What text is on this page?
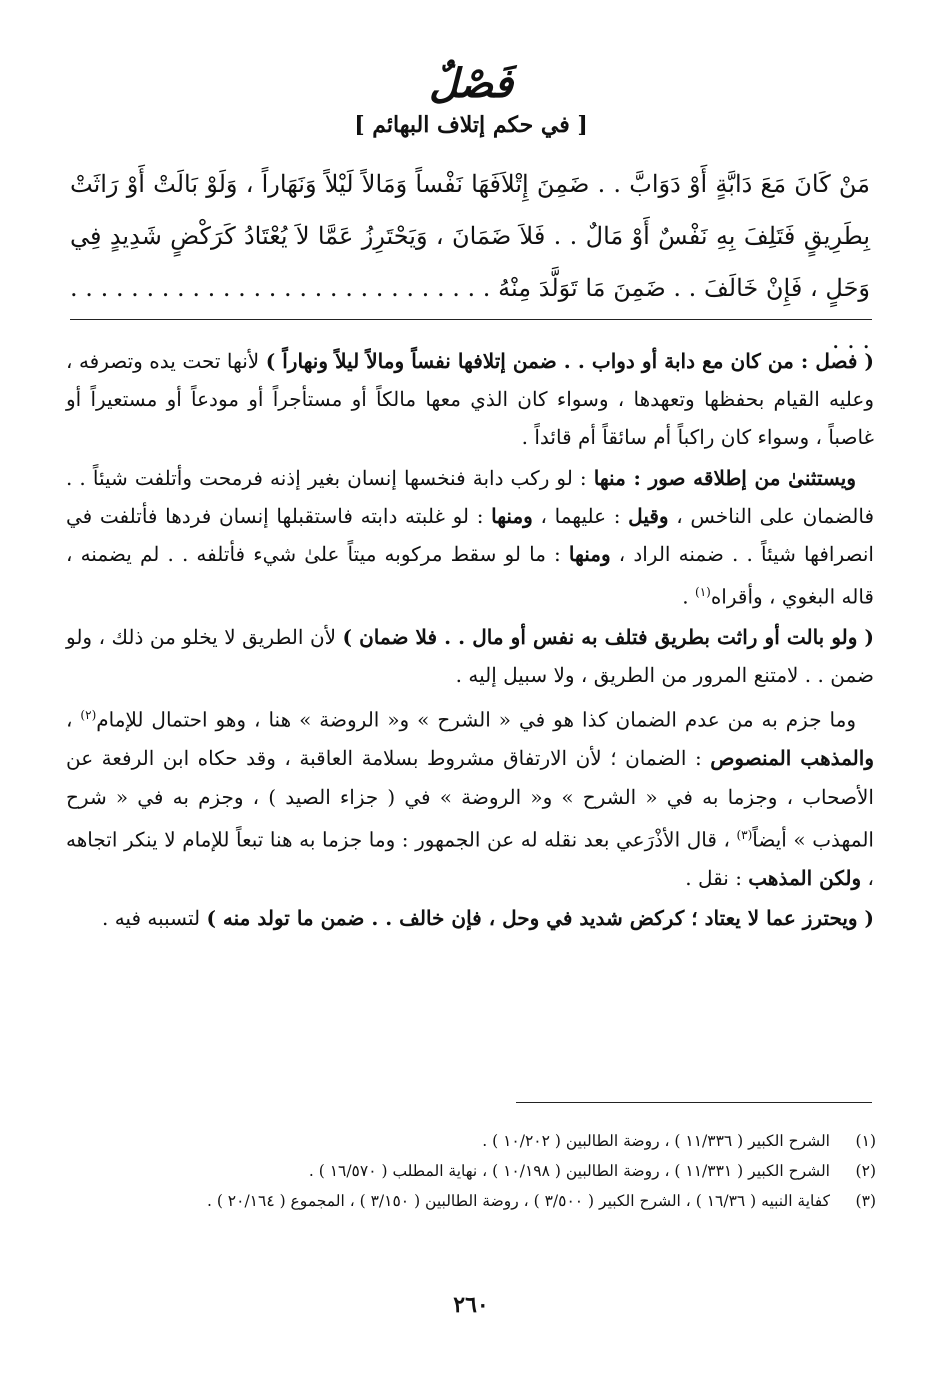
فَصْلٌ
[ في حكم إتلاف البهائم ]

مَنْ كَانَ مَعَ دَابَّةٍ أَوْ دَوَابَّ . . ضَمِنَ إِتْلاَفَهَا نَفْساً وَمَالاً لَيْلاً وَنَهَاراً ، وَلَوْ بَالَتْ أَوْ رَاثَتْ بِطَرِيقٍ فَتَلِفَ بِهِ نَفْسٌ أَوْ مَالٌ . . فَلاَ ضَمَانَ ، وَيَحْتَرِزُ عَمَّا لاَ يُعْتَادُ كَرَكْضٍ شَدِيدٍ فِي وَحَلٍ ، فَإِنْ خَالَفَ . . ضَمِنَ مَا تَوَلَّدَ مِنْهُ . . . . . . . . . . . . . . . . . . . . . . . . . . . . . . .

( فصل : من كان مع دابة أو دواب . . ضمن إتلافها نفساً ومالاً ليلاً ونهاراً ) لأنها تحت يده وتصرفه ، وعليه القيام بحفظها وتعهدها ، وسواء كان الذي معها مالكاً أو مستأجراً أو مودعاً أو مستعيراً أو غاصباً ، وسواء كان راكباً أم سائقاً أم قائداً .

ويستثنىٰ من إطلاقه صور : منها : لو ركب دابة فنخسها إنسان بغير إذنه فرمحت وأتلفت شيئاً . . فالضمان على الناخس ، وقيل : عليهما ، ومنها : لو غلبته دابته فاستقبلها إنسان فردها فأتلفت في انصرافها شيئاً . . ضمنه الراد ، ومنها : ما لو سقط مركوبه ميتاً علىٰ شيء فأتلفه . . لم يضمنه ، قاله البغوي ، وأقراه$^{(١)}$ .

( ولو بالت أو راثت بطريق فتلف به نفس أو مال . . فلا ضمان ) لأن الطريق لا يخلو من ذلك ، ولو ضمن . . لامتنع المرور من الطريق ، ولا سبيل إليه .

وما جزم به من عدم الضمان كذا هو في « الشرح » و« الروضة » هنا ، وهو احتمال للإمام$^{(٢)}$ ، والمذهب المنصوص : الضمان ؛ لأن الارتفاق مشروط بسلامة العاقبة ، وقد حكاه ابن الرفعة عن الأصحاب ، وجزما به في « الشرح » و« الروضة » في ( جزاء الصيد ) ، وجزم به في « شرح المهذب » أيضاً$^{(٣)}$ ، قال الأذْرَعي بعد نقله له عن الجمهور : وما جزما به هنا تبعاً للإمام لا ينكر اتجاهه ، ولكن المذهب : نقل .

( ويحترز عما لا يعتاد ؛ كركض شديد في وحل ، فإن خالف . . ضمن ما تولد منه ) لتسببه فيه .

(١)
الشرح الكبير ( ١١/٣٣٦ ) ، روضة الطالبين ( ١٠/٢٠٢ ) .
(٢)
الشرح الكبير ( ١١/٣٣١ ) ، روضة الطالبين ( ١٠/١٩٨ ) ، نهاية المطلب ( ١٦/٥٧٠ ) .
(٣)
كفاية النبيه ( ١٦/٣٦ ) ، الشرح الكبير ( ٣/٥٠٠ ) ، روضة الطالبين ( ٣/١٥٠ ) ، المجموع ( ٢٠/١٦٤ ) .
٢٦٠
